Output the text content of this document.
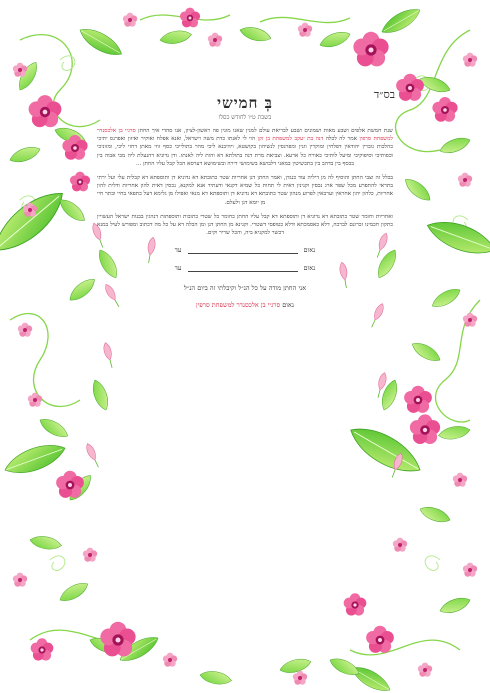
בס״ד
בְּ חמישי
בשבת ט״ו לחודש כסלו
שנת חמשת אלפים ושבע מאות ושמונים ושבע לבריאת עולם למנין שאנו מונין פה ראשון-לציון, אנו סהדי איך החתן סרגיי בן אלכסנדר למשפחת סרפין אמר לה לכלה דנה בת יעקב למשפחת בן זקן הוי לי לאנתו כדת משה וישראל, ואנא אפלח ואוקיר ואיזון ואפרנס יתיכי כהלכות גוברין יהודאין דפלחין ומוקרין וזנין ומפרנסין לנשיהון בקושטא, ויהיבנא ליכי מהר בתולייכי כסף זוזי מאתן דחזי ליכי, ומזוניכי וכסותיכי וסיפוקיכי ומיעל לותיכי כאורח כל ארעא. וצביאת מרת דנה בתולתא דא והות ליה לאנתו. ודן נדוניא דהנעלת ליה מבי אבוה בין בכסף בין בדהב בין בתכשיטין במאני דלבושא בשימושי דירה ובשימושא דערסא הכל קבל עליו החתן ...
בכלל זה וצבי החתן והוסיף לה מן דיליה עוד כנגדן, ואמר החתן דנן אחריות שטר כתובתא דא נדוניא דן ותוספתא דא קבלית עלי ועל ירתי בתראי להתפרע מכל שפר ארג נכסין וקנינין דאית לי תחות כל שמיא דקנאי ודעתיד אנא למקנא, נכסין דאית להון אחריות ודלית להון אחריות, כלהון יהון אחראין וערבאין לפרוע מנהון שטר כתובתא דא נדוניא דן ותוספתא דא מנאי ואפילו מן גלימא דעל כתפאי בחיי ובתר חיי מן יומא דנן ולעלם.
ואחריות וחומר שטר כתובתא דא נדוניא דן ותוספתא דא קבל עליו החתן כחומר כל שטרי כתובות ותוספתות דנהגין בבנות ישראל העשויין כתקון חכמינו זכרונם לברכה, דלא כאסמכתא ודלא כטופסי דשטרי. וקנינא מן החתן דנן ומן הכלה דא על כל מה דכתוב ומפורש לעיל במנא דכשר למקניא ביה, והכל שריר וקים.
נאום
עד
נאום
עד
אני החתן מודה על כל הנ״ל וקיבלתי זה ביום הנ״ל
נאום סרגיי בן אלכסנדר למשפחת סרפין
